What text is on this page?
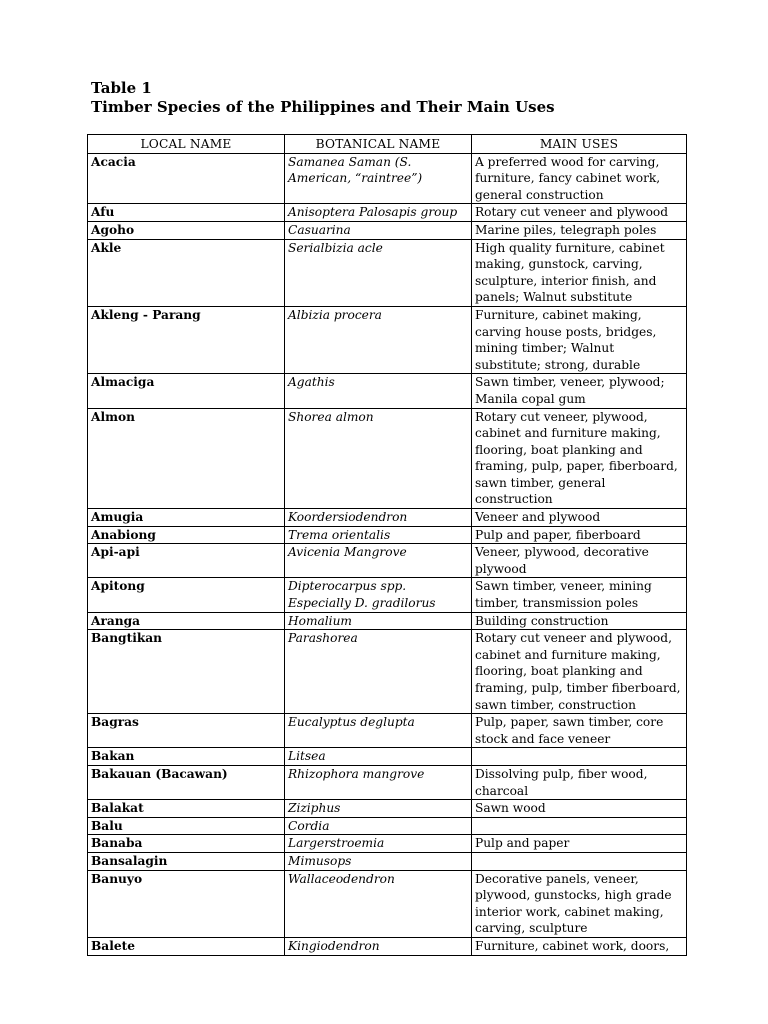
Table 1
Timber Species of the Philippines and Their Main Uses
LOCAL NAME	BOTANICAL NAME	MAIN USES
Acacia	Samanea Saman (S. American, “raintree”)	A preferred wood for carving, furniture, fancy cabinet work, general construction
Afu	Anisoptera Palosapis group	Rotary cut veneer and plywood
Agoho	Casuarina	Marine piles, telegraph poles
Akle	Serialbizia acle	High quality furniture, cabinet making, gunstock, carving, sculpture, interior finish, and panels; Walnut substitute
Akleng - Parang	Albizia procera	Furniture, cabinet making, carving house posts, bridges, mining timber; Walnut substitute; strong, durable
Almaciga	Agathis	Sawn timber, veneer, plywood; Manila copal gum
Almon	Shorea almon	Rotary cut veneer, plywood, cabinet and furniture making, flooring, boat planking and framing, pulp, paper, fiberboard, sawn timber, general construction
Amugia	Koordersiodendron	Veneer and plywood
Anabiong	Trema orientalis	Pulp and paper, fiberboard
Api-api	Avicenia Mangrove	Veneer, plywood, decorative plywood
Apitong	Dipterocarpus spp. Especially D. gradilorus	Sawn timber, veneer, mining timber, transmission poles
Aranga	Homalium	Building construction
Bangtikan	Parashorea	Rotary cut veneer and plywood, cabinet and furniture making, flooring, boat planking and framing, pulp, timber fiberboard, sawn timber, construction
Bagras	Eucalyptus deglupta	Pulp, paper, sawn timber, core stock and face veneer
Bakan	Litsea	
Bakauan (Bacawan)	Rhizophora mangrove	Dissolving pulp, fiber wood, charcoal
Balakat	Ziziphus	Sawn wood
Balu	Cordia	
Banaba	Largerstroemia	Pulp and paper
Bansalagin	Mimusops	
Banuyo	Wallaceodendron	Decorative panels, veneer, plywood, gunstocks, high grade interior work, cabinet making, carving, sculpture
Balete	Kingiodendron	Furniture, cabinet work, doors,
